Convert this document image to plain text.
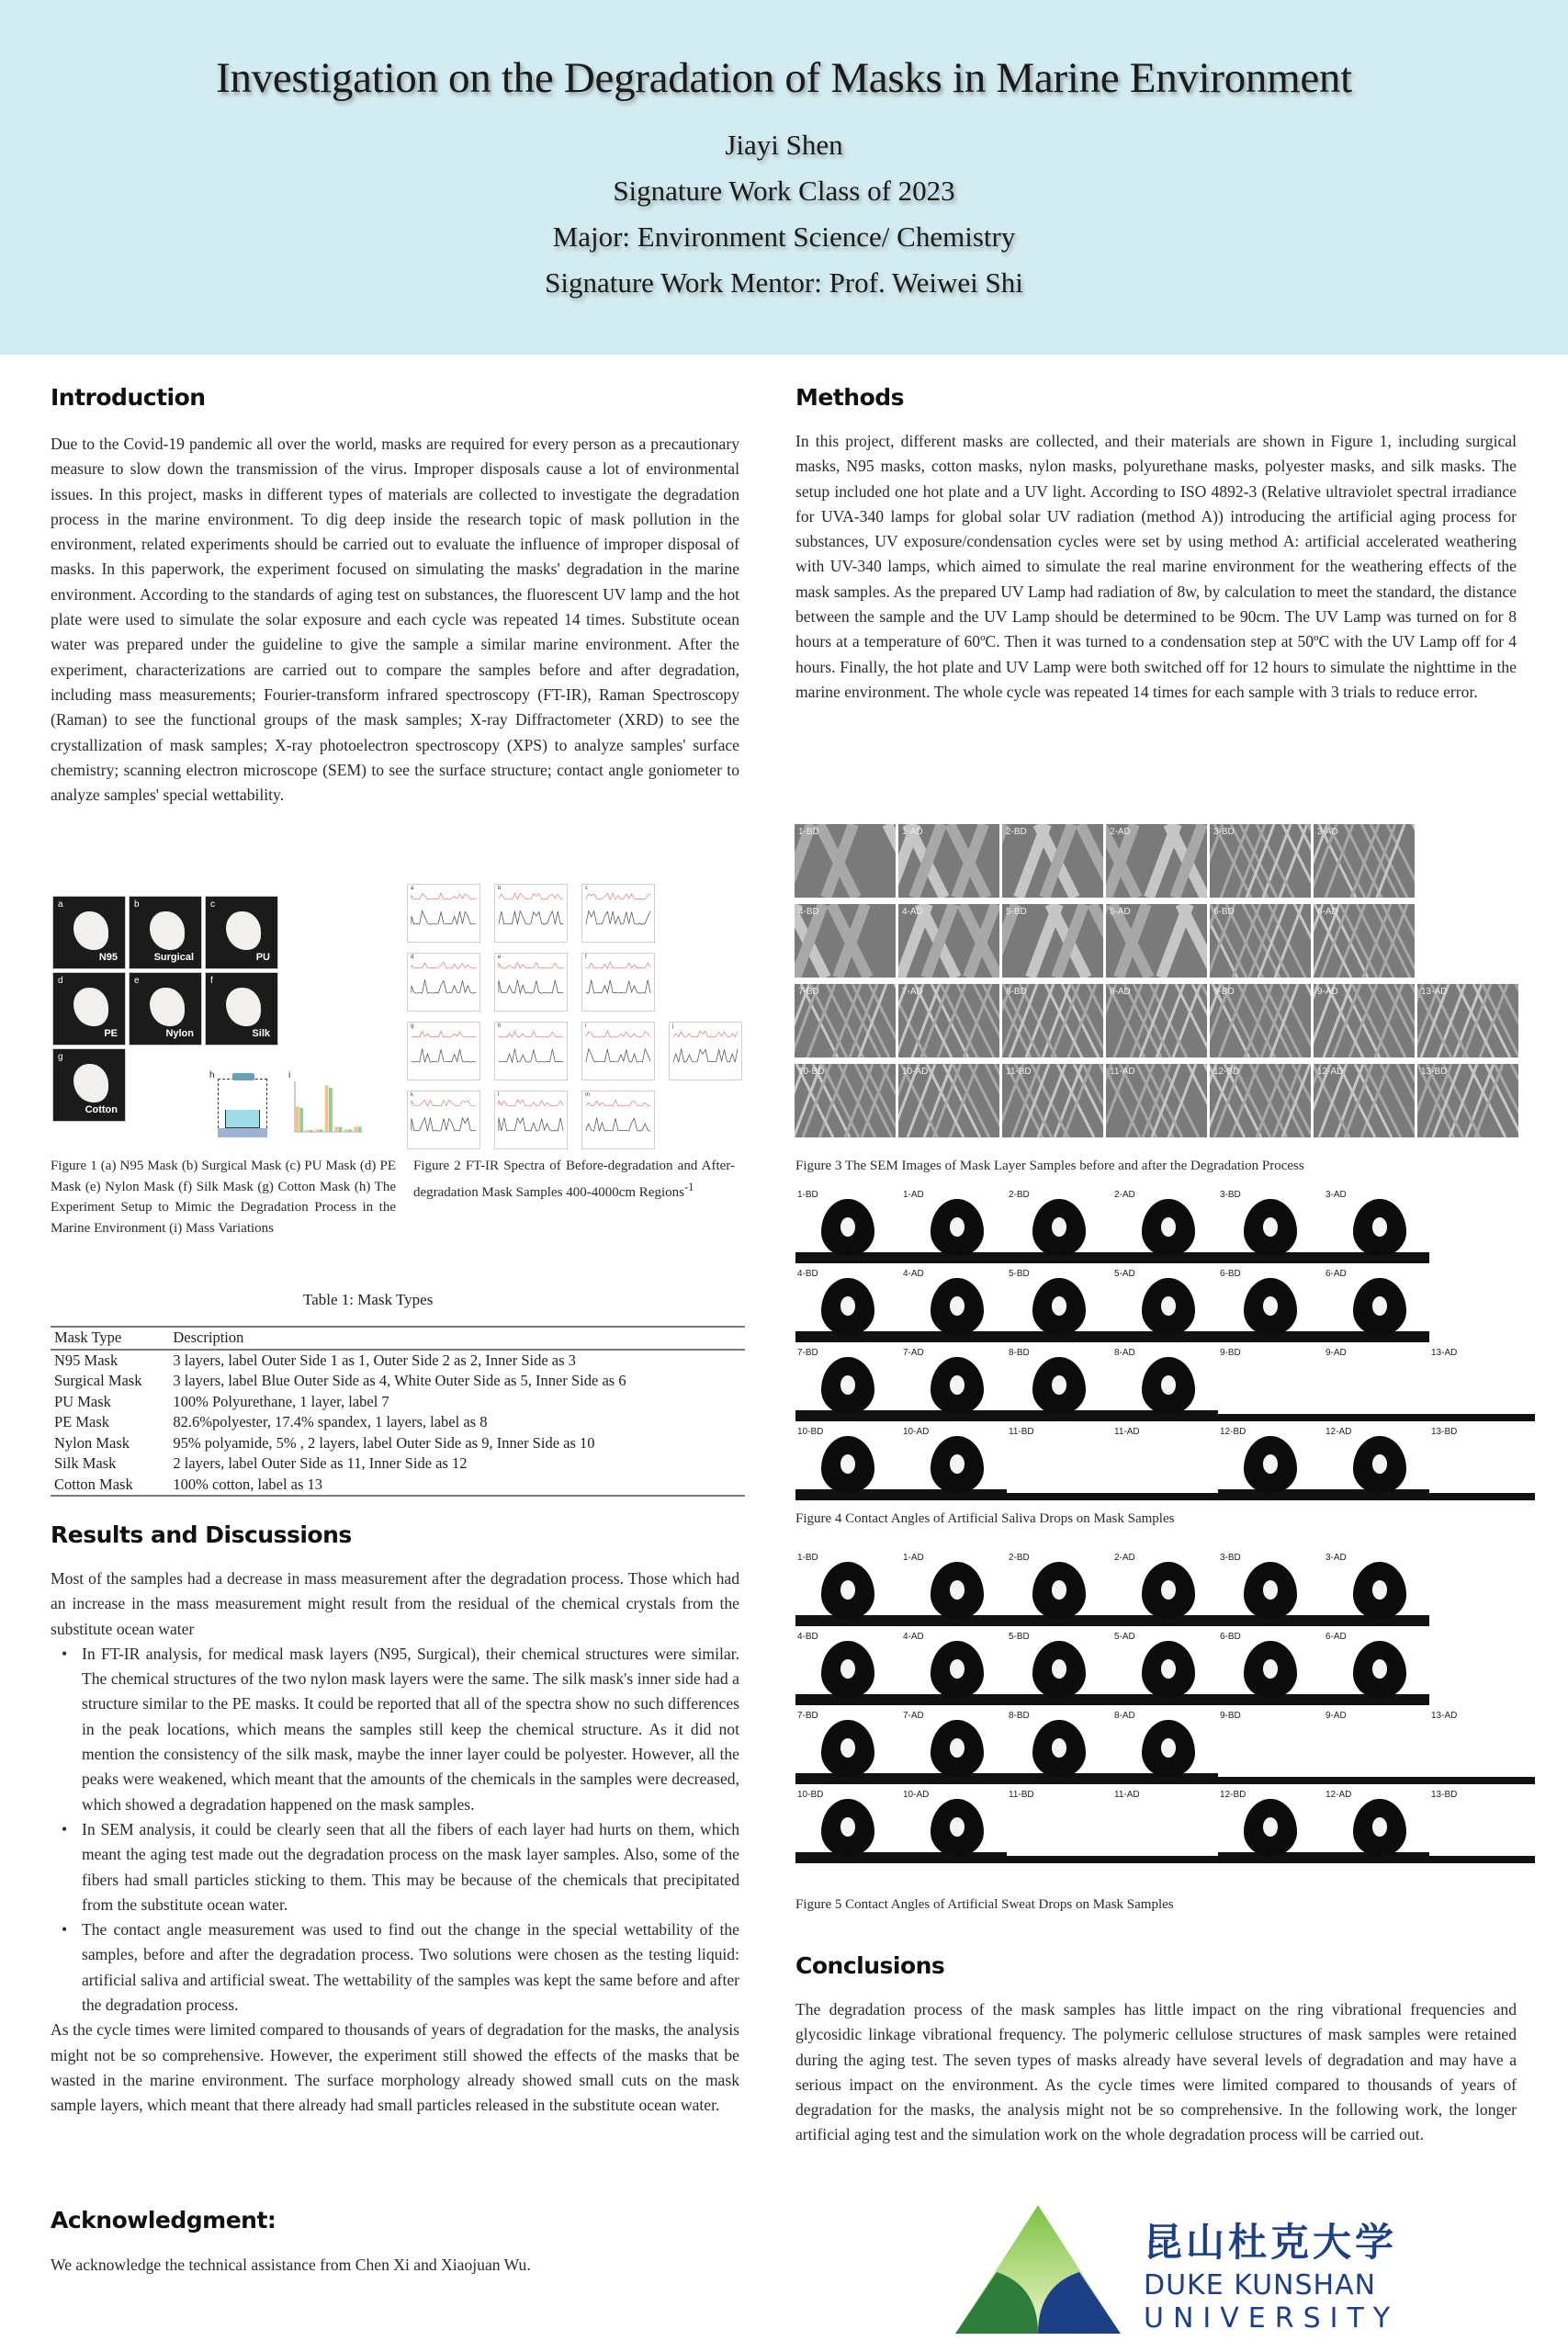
Investigation on the Degradation of Masks in Marine Environment
Jiayi Shen
Signature Work Class of 2023
Major: Environment Science/ Chemistry
Signature Work Mentor: Prof. Weiwei Shi
Introduction
Due to the Covid-19 pandemic all over the world, masks are required for every person as a precautionary measure to slow down the transmission of the virus. Improper disposals cause a lot of environmental issues. In this project, masks in different types of materials are collected to investigate the degradation process in the marine environment. To dig deep inside the research topic of mask pollution in the environment, related experiments should be carried out to evaluate the influence of improper disposal of masks. In this paperwork, the experiment focused on simulating the masks' degradation in the marine environment. According to the standards of aging test on substances, the fluorescent UV lamp and the hot plate were used to simulate the solar exposure and each cycle was repeated 14 times. Substitute ocean water was prepared under the guideline to give the sample a similar marine environment. After the experiment, characterizations are carried out to compare the samples before and after degradation, including mass measurements; Fourier-transform infrared spectroscopy (FT-IR), Raman Spectroscopy (Raman) to see the functional groups of the mask samples; X-ray Diffractometer (XRD) to see the crystallization of mask samples; X-ray photoelectron spectroscopy (XPS) to analyze samples' surface chemistry; scanning electron microscope (SEM) to see the surface structure; contact angle goniometer to analyze samples' special wettability.
a
N95
b
Surgical
c
PU
d
PE
e
Nylon
f
Silk
g
Cotton
h	i
Figure 1 (a) N95 Mask (b) Surgical Mask (c) PU Mask (d) PE Mask (e) Nylon Mask (f) Silk Mask (g) Cotton Mask (h) The Experiment Setup to Mimic the Degradation Process in the Marine Environment (i) Mass Variations
a	b	c
d	e	f
g	h	i	j
k	l	m
Figure 2 FT-IR Spectra of Before-degradation and After-degradation Mask Samples 400-4000cm Regions$^{-1}$
Table 1: Mask Types
Mask Type	Description
N95 Mask	3 layers, label Outer Side 1 as 1, Outer Side 2 as 2, Inner Side as 3
Surgical Mask	3 layers, label Blue Outer Side as 4, White Outer Side as 5, Inner Side as 6
PU Mask	100% Polyurethane, 1 layer, label 7
PE Mask	82.6%polyester, 17.4% spandex, 1 layers, label as 8
Nylon Mask	95% polyamide, 5% , 2 layers, label Outer Side as 9, Inner Side as 10
Silk Mask	2 layers, label Outer Side as 11, Inner Side as 12
Cotton Mask	100% cotton, label as 13
Results and Discussions
Most of the samples had a decrease in mass measurement after the degradation process. Those which had an increase in the mass measurement might result from the residual of the chemical crystals from the substitute ocean water
• In FT-IR analysis, for medical mask layers (N95, Surgical), their chemical structures were similar. The chemical structures of the two nylon mask layers were the same. The silk mask's inner side had a structure similar to the PE masks. It could be reported that all of the spectra show no such differences in the peak locations, which means the samples still keep the chemical structure. As it did not mention the consistency of the silk mask, maybe the inner layer could be polyester. However, all the peaks were weakened, which meant that the amounts of the chemicals in the samples were decreased, which showed a degradation happened on the mask samples.
• In SEM analysis, it could be clearly seen that all the fibers of each layer had hurts on them, which meant the aging test made out the degradation process on the mask layer samples. Also, some of the fibers had small particles sticking to them. This may be because of the chemicals that precipitated from the substitute ocean water.
• The contact angle measurement was used to find out the change in the special wettability of the samples, before and after the degradation process. Two solutions were chosen as the testing liquid: artificial saliva and artificial sweat. The wettability of the samples was kept the same before and after the degradation process.
As the cycle times were limited compared to thousands of years of degradation for the masks, the analysis might not be so comprehensive. However, the experiment still showed the effects of the masks that be wasted in the marine environment. The surface morphology already showed small cuts on the mask sample layers, which meant that there already had small particles released in the substitute ocean water.
Acknowledgment:
We acknowledge the technical assistance from Chen Xi and Xiaojuan Wu.
Methods
In this project, different masks are collected, and their materials are shown in Figure 1, including surgical masks, N95 masks, cotton masks, nylon masks, polyurethane masks, polyester masks, and silk masks. The setup included one hot plate and a UV light. According to ISO 4892-3 (Relative ultraviolet spectral irradiance for UVA-340 lamps for global solar UV radiation (method A)) introducing the artificial aging process for substances, UV exposure/condensation cycles were set by using method A: artificial accelerated weathering with UV-340 lamps, which aimed to simulate the real marine environment for the weathering effects of the mask samples. As the prepared UV Lamp had radiation of 8w, by calculation to meet the standard, the distance between the sample and the UV Lamp should be determined to be 90cm. The UV Lamp was turned on for 8 hours at a temperature of 60ºC. Then it was turned to a condensation step at 50ºC with the UV Lamp off for 4 hours. Finally, the hot plate and UV Lamp were both switched off for 12 hours to simulate the nighttime in the marine environment. The whole cycle was repeated 14 times for each sample with 3 trials to reduce error.
1-BD	1-AD	2-BD	2-AD	3-BD	3-AD
4-BD	4-AD	5-BD	5-AD	6-BD	6-AD
7-BD	7-AD	8-BD	8-AD	9-BD	9-AD	13-AD
10-BD	10-AD	11-BD	11-AD	12-BD	12-AD	13-BD
Figure 3 The SEM Images of Mask Layer Samples before and after the Degradation Process
1-BD	1-AD	2-BD	2-AD	3-BD	3-AD
4-BD	4-AD	5-BD	5-AD	6-BD	6-AD
7-BD	7-AD	8-BD	8-AD	9-BD	9-AD	13-AD
10-BD	10-AD	11-BD	11-AD	12-BD	12-AD	13-BD
Figure 4 Contact Angles of Artificial Saliva Drops on Mask Samples
1-BD	1-AD	2-BD	2-AD	3-BD	3-AD
4-BD	4-AD	5-BD	5-AD	6-BD	6-AD
7-BD	7-AD	8-BD	8-AD	9-BD	9-AD	13-AD
10-BD	10-AD	11-BD	11-AD	12-BD	12-AD	13-BD
Figure 5 Contact Angles of Artificial Sweat Drops on Mask Samples
Conclusions
The degradation process of the mask samples has little impact on the ring vibrational frequencies and glycosidic linkage vibrational frequency. The polymeric cellulose structures of mask samples were retained during the aging test. The seven types of masks already have several levels of degradation and may have a serious impact on the environment. As the cycle times were limited compared to thousands of years of degradation for the masks, the analysis might not be so comprehensive. In the following work, the longer artificial aging test and the simulation work on the whole degradation process will be carried out.
昆山杜克大学
DUKE KUNSHAN
UNIVERSITY
